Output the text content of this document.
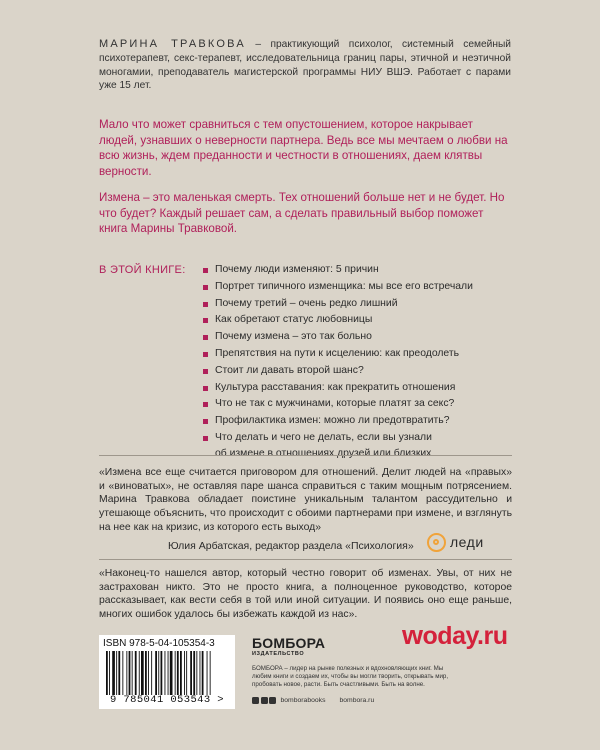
МАРИНА ТРАВКОВА – практикующий психолог, системный семейный психотерапевт, секс-терапевт, исследовательница границ пары, этичной и неэтичной моногамии, преподаватель магистерской программы НИУ ВШЭ. Работает с парами уже 15 лет.

Мало что может сравниться с тем опустошением, которое накрывает людей, узнавших о неверности партнера. Ведь все мы мечтаем о любви на всю жизнь, ждем преданности и честности в отношениях, даем клятвы верности.

Измена – это маленькая смерть. Тех отношений больше нет и не будет. Но что будет? Каждый решает сам, а сделать правильный выбор поможет книга Марины Травковой.

В ЭТОЙ КНИГЕ:	Почему люди изменяют: 5 причин
Портрет типичного изменщика: мы все его встречали
Почему третий – очень редко лишний
Как обретают статус любовницы
Почему измена – это так больно
Препятствия на пути к исцелению: как преодолеть
Стоит ли давать второй шанс?
Культура расставания: как прекратить отношения
Что не так с мужчинами, которые платят за секс?
Профилактика измен: можно ли предотвратить?
Что делать и чего не делать, если вы узнали
об измене в отношениях друзей или близких
«Измена все еще считается приговором для отношений. Делит людей на «правых» и «виноватых», не оставляя паре шанса справиться с таким мощным потрясением. Марина Травкова обладает поистине уникальным талантом рассудительно и утешающе объяснить, что происходит с обоими партнерами при измене, и взглянуть на нее как на кризис, из которого есть выход»
Юлия Арбатская, редактор раздела «Психология»	леди
«Наконец-то нашелся автор, который честно говорит об изменах. Увы, от них не застрахован никто. Это не просто книга, а полноценное руководство, которое рассказывает, как вести себя в той или иной ситуации. И появись оно еще раньше, многих ошибок удалось бы избежать каждой из нас».
ISBN 978-5-04-105354-3
9 785041 053543 >
БОМБОРА
ИЗДАТЕЛЬСТВО
БОМБОРА – лидер на рынке полезных и вдохновляющих книг. Мы любим книги и создаем их, чтобы вы могли творить, открывать мир, пробовать новое, расти. Быть счастливыми. Быть на волне.
bomborabooks bombora.ru
w o day.ru
